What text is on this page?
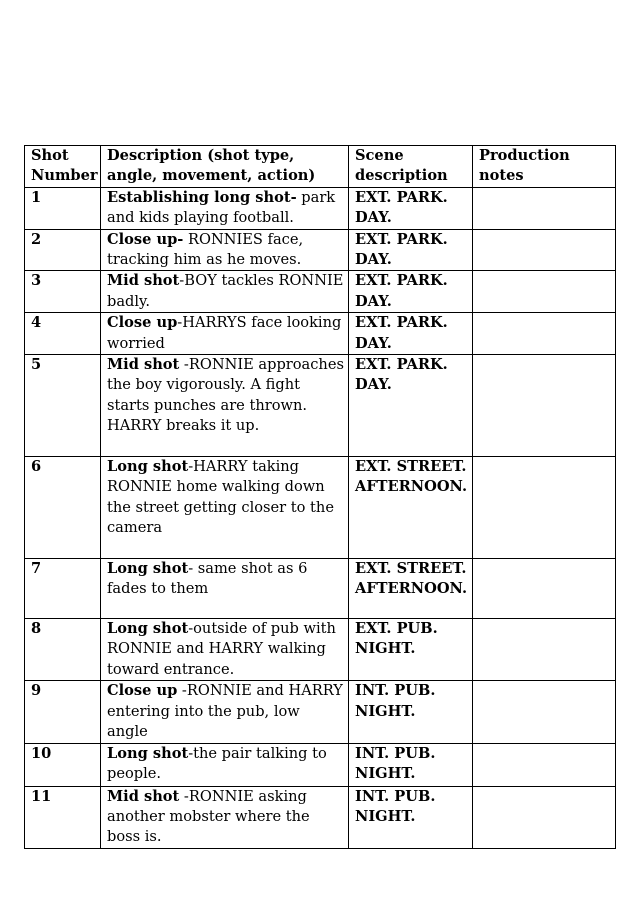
Shot Number	Description (shot type, angle, movement, action)	Scene description	Production notes
1	Establishing long shot- park and kids playing football.	EXT. PARK. DAY.	
2	Close up- RONNIES face, tracking him as he moves.	EXT. PARK. DAY.	
3	Mid shot-BOY tackles RONNIE badly.	EXT. PARK. DAY.	
4	Close up-HARRYS face looking worried	EXT. PARK. DAY.	
5	Mid shot -RONNIE approaches the boy vigorously. A fight starts punches are thrown. HARRY breaks it up.	EXT. PARK. DAY.	
6	Long shot-HARRY taking RONNIE home walking down the street getting closer to the camera	EXT. STREET. AFTERNOON.	
7	Long shot- same shot as 6 fades to them	EXT. STREET. AFTERNOON.	
8	Long shot-outside of pub with RONNIE and HARRY walking toward entrance.	EXT. PUB. NIGHT.	
9	Close up -RONNIE and HARRY entering into the pub, low angle	INT. PUB. NIGHT.	
10	Long shot-the pair talking to people.	INT. PUB. NIGHT.	
11	Mid shot -RONNIE asking another mobster where the boss is.	INT. PUB. NIGHT.	
